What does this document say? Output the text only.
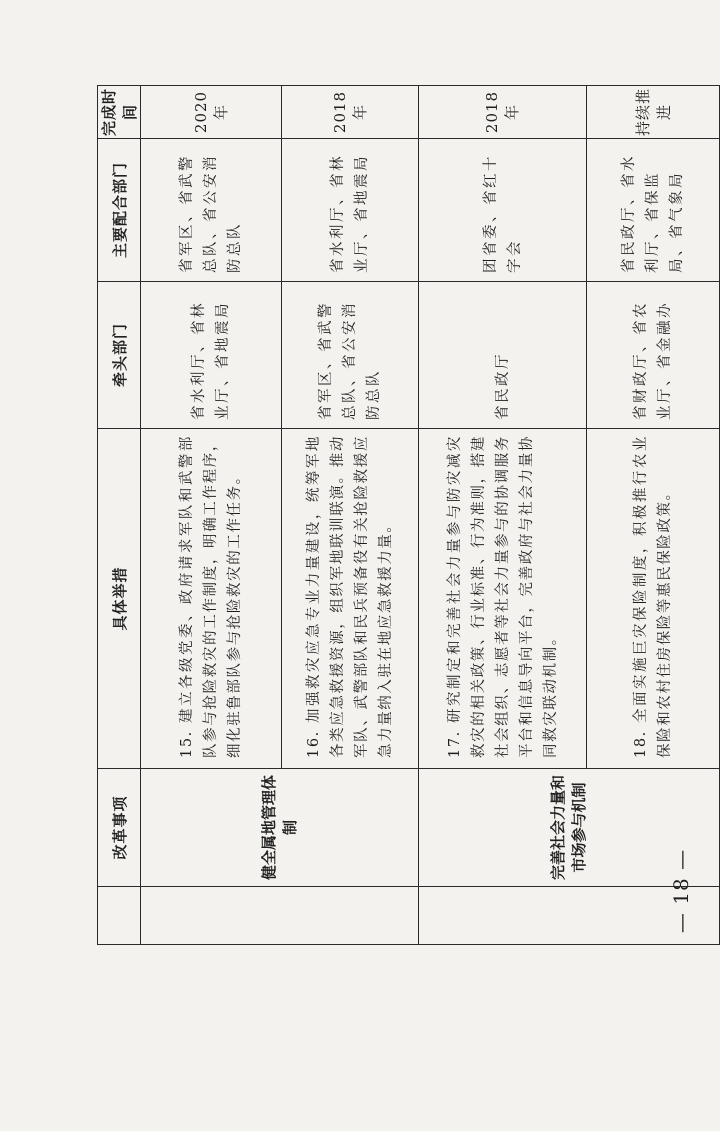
— 18 —
	改革事项	具体举措	牵头部门	主要配合部门	完成时间
	健全属地管理体制	15. 建立各级党委、政府请求军队和武警部队参与抢险救灾的工作制度，明确工作程序，细化驻鲁部队参与抢险救灾的工作任务。	省水利厅、省林业厅、省地震局	省军区、省武警总队、省公安消防总队	2020 年
		16. 加强救灾应急专业力量建设，统筹军地各类应急救援资源，组织军地联训联演。推动军队、武警部队和民兵预备役有关抢险救援应急力量纳入驻在地应急救援力量。	省军区、省武警总队、省公安消防总队	省水利厅、省林业厅、省地震局	2018 年
	完善社会力量和市场参与机制	17. 研究制定和完善社会力量参与防灾减灾救灾的相关政策、行业标准、行为准则，搭建社会组织、志愿者等社会力量参与的协调服务平台和信息导向平台，完善政府与社会力量协同救灾联动机制。	省民政厅	团省委、省红十字会	2018 年
		18. 全面实施巨灾保险制度，积极推行农业保险和农村住房保险等惠民保险政策。	省财政厅、省农业厅、省金融办	省民政厅、省水利厅、省保监局、省气象局	持续推进
